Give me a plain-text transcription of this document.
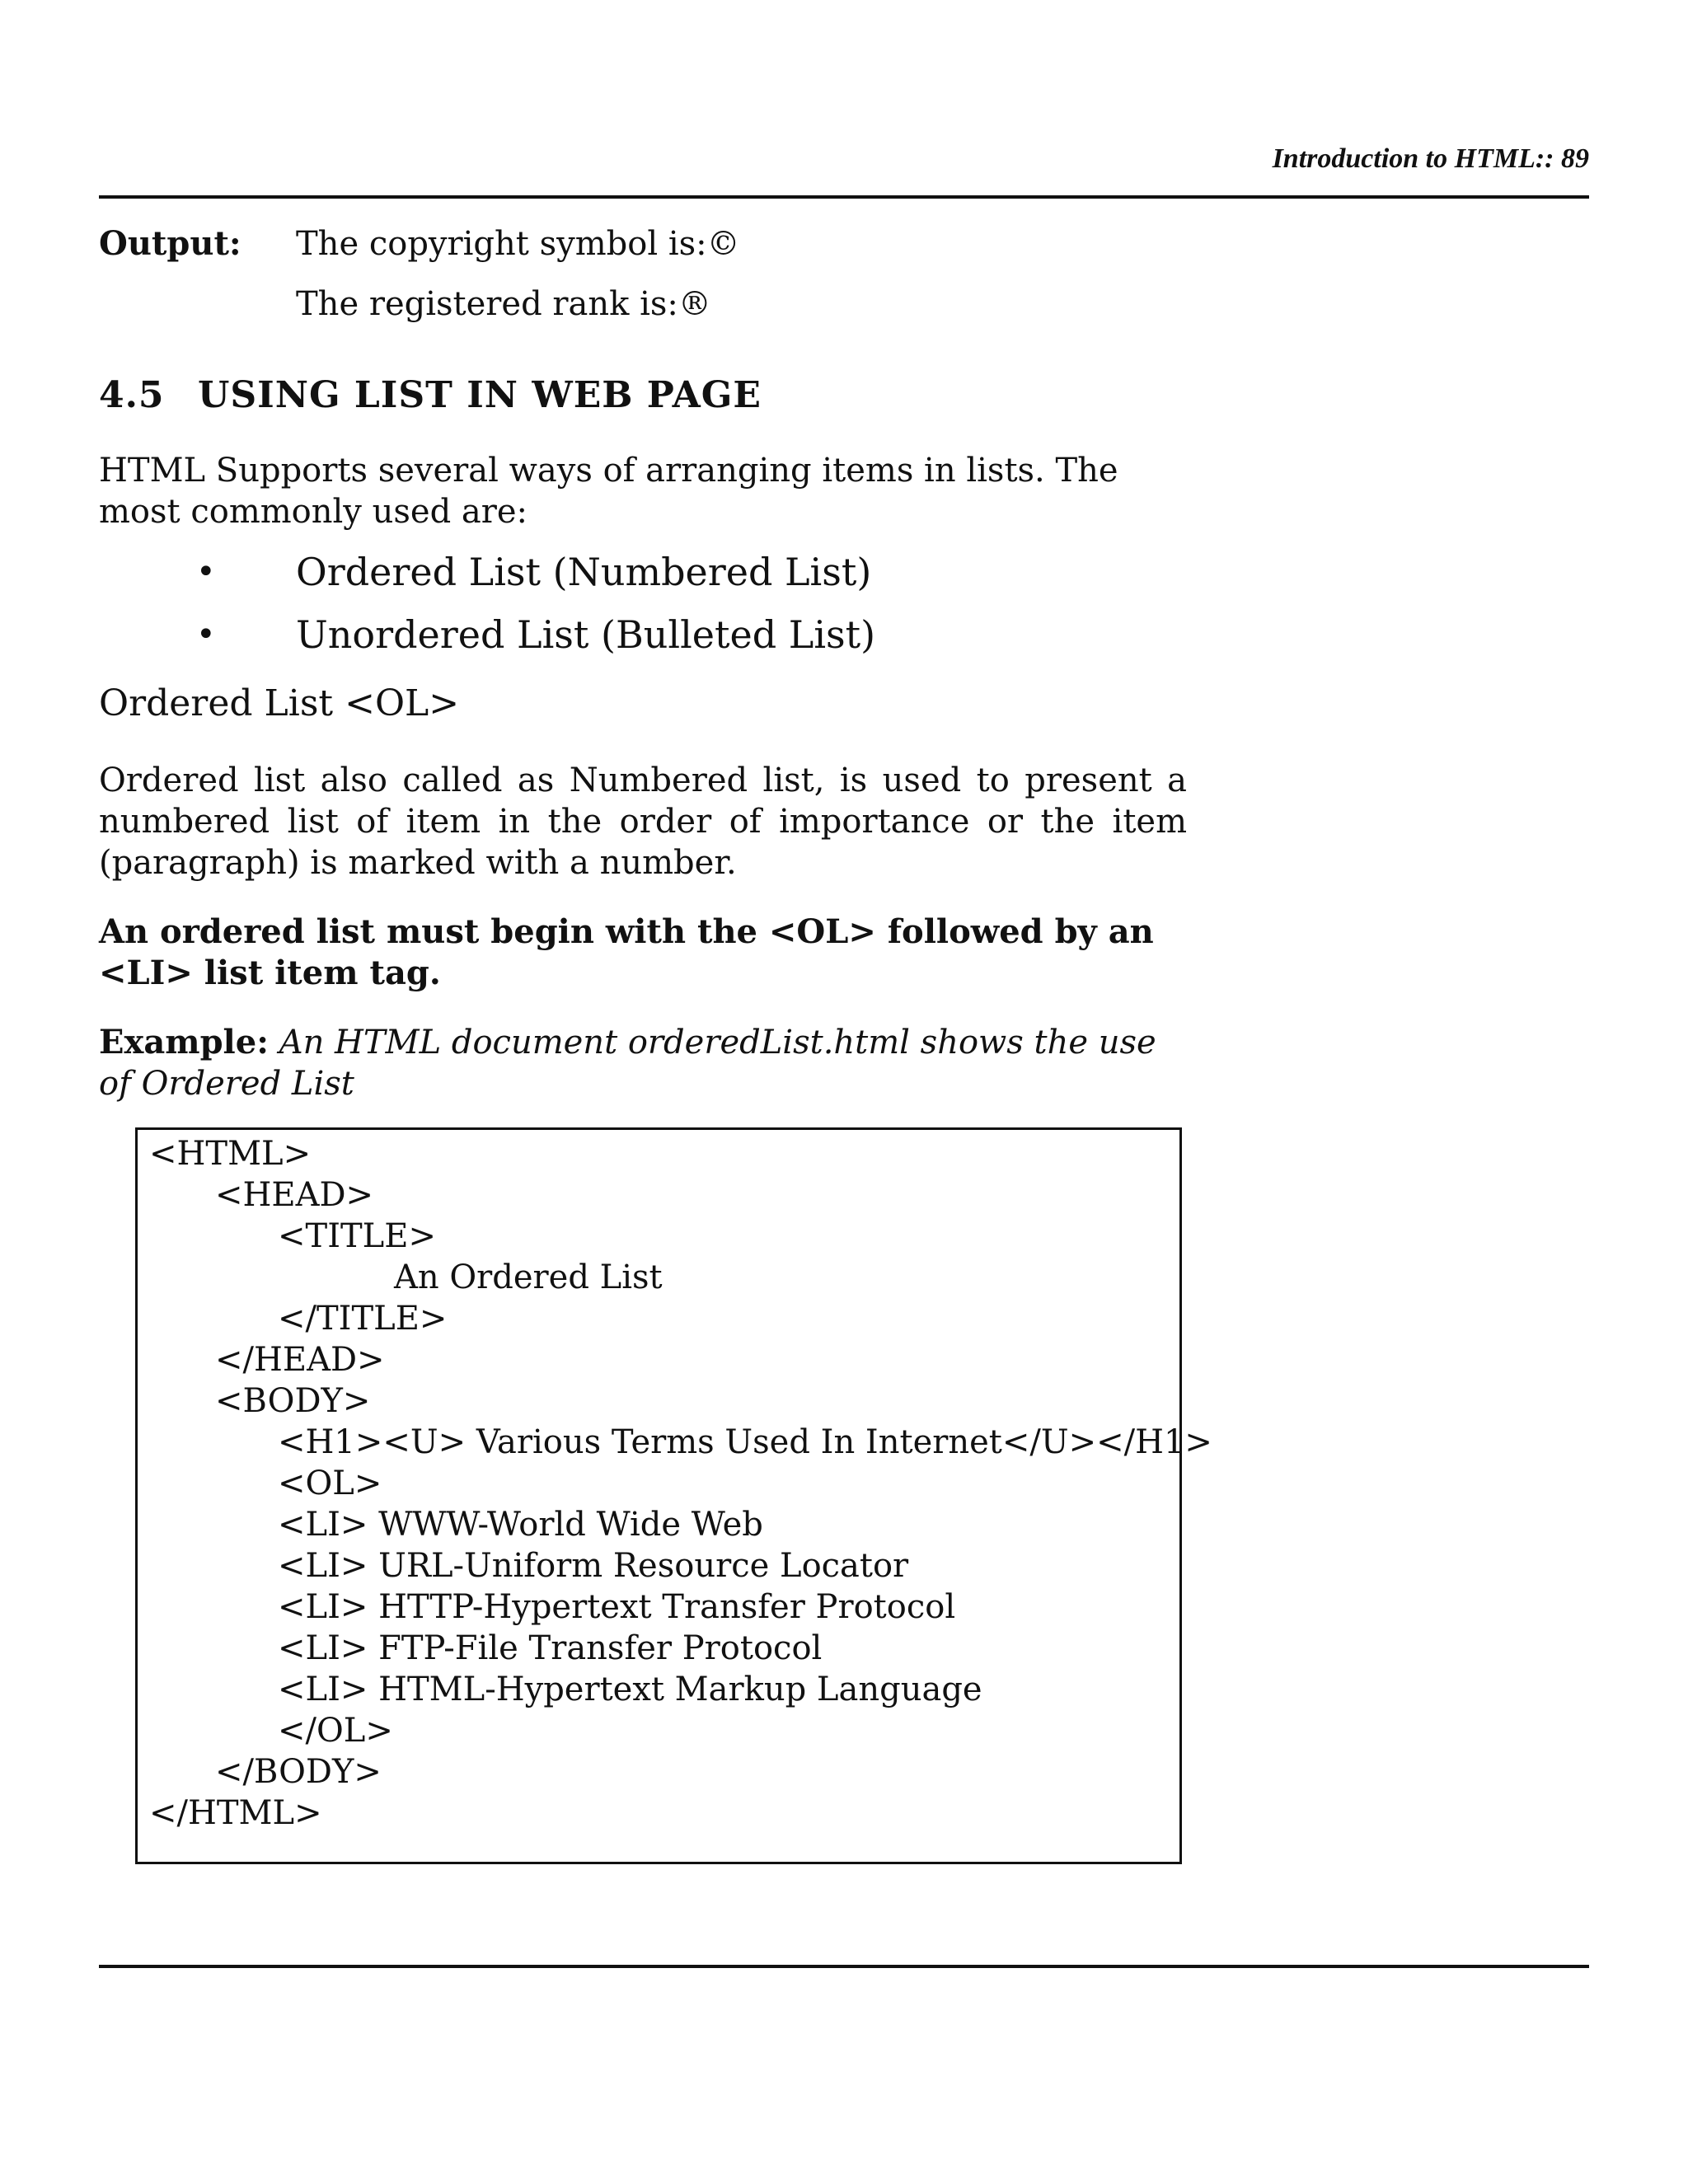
Introduction to HTML:: 89
Output: The copyright symbol is:©
The registered rank is:®
4.5 USING LIST IN WEB PAGE

HTML Supports several ways of arranging items in lists. The most commonly used are:

• Ordered List (Numbered List)
• Unordered List (Bulleted List)
Ordered List <OL>

Ordered list also called as Numbered list, is used to present a numbered list of item in the order of importance or the item (paragraph) is marked with a number.

An ordered list must begin with the <OL> followed by an <LI> list item tag.

Example: An HTML document orderedList.html shows the use of Ordered List

<HTML>
<HEAD>
<TITLE>
An Ordered List
</TITLE>
</HEAD>
<BODY>
<H1><U> Various Terms Used In Internet</U></H1>
<OL>
<LI> WWW-World Wide Web
<LI> URL-Uniform Resource Locator
<LI> HTTP-Hypertext Transfer Protocol
<LI> FTP-File Transfer Protocol
<LI> HTML-Hypertext Markup Language
</OL>
</BODY>
</HTML>
